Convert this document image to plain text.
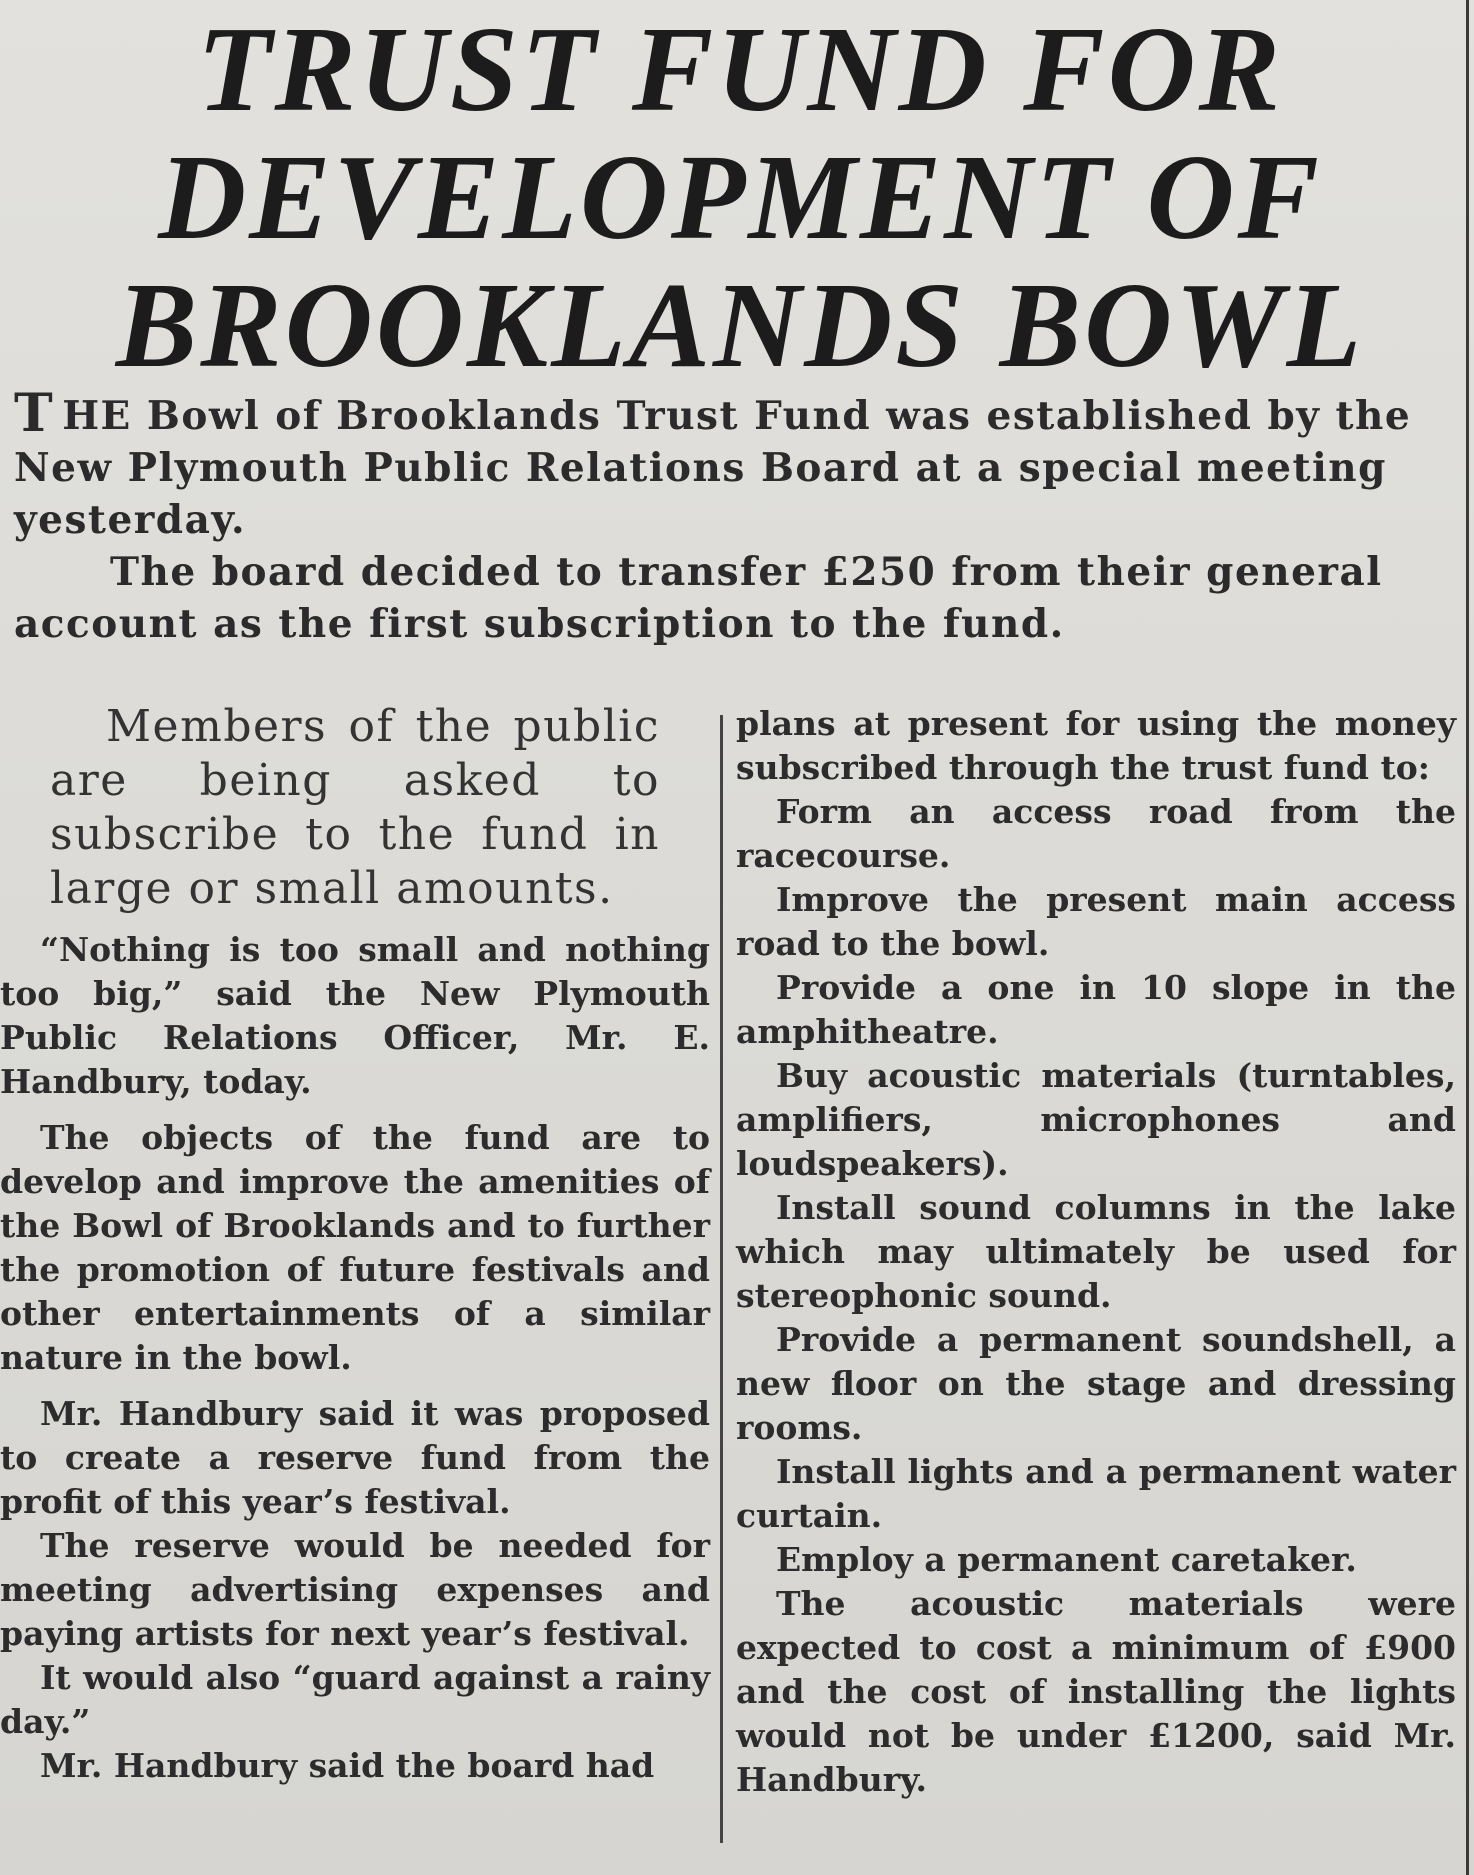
TRUST FUND FOR
DEVELOPMENT OF
BROOKLANDS BOWL

T HE Bowl of Brooklands Trust Fund was established by the New Plymouth Public Relations Board at a special meeting yesterday.

The board decided to transfer £250 from their general account as the first subscription to the fund.

Members of the public are being asked to subscribe to the fund in large or small amounts.

“Nothing is too small and nothing too big,” said the New Plymouth Public Relations Officer, Mr. E. Handbury, today.

The objects of the fund are to develop and improve the amenities of the Bowl of Brooklands and to further the promotion of future festivals and other entertainments of a similar nature in the bowl.

Mr. Handbury said it was proposed to create a reserve fund from the profit of this year’s festival.

The reserve would be needed for meeting advertising expenses and paying artists for next year’s festival.

It would also “guard against a rainy day.”

Mr. Handbury said the board had

plans at present for using the money subscribed through the trust fund to:

Form an access road from the racecourse.

Improve the present main access road to the bowl.

Provide a one in 10 slope in the amphitheatre.

Buy acoustic materials (turntables, amplifiers, microphones and loudspeakers).

Install sound columns in the lake which may ultimately be used for stereophonic sound.

Provide a permanent soundshell, a new floor on the stage and dressing rooms.

Install lights and a permanent water curtain.

Employ a permanent caretaker.

The acoustic materials were expected to cost a minimum of £900 and the cost of installing the lights would not be under £1200, said Mr. Handbury.
